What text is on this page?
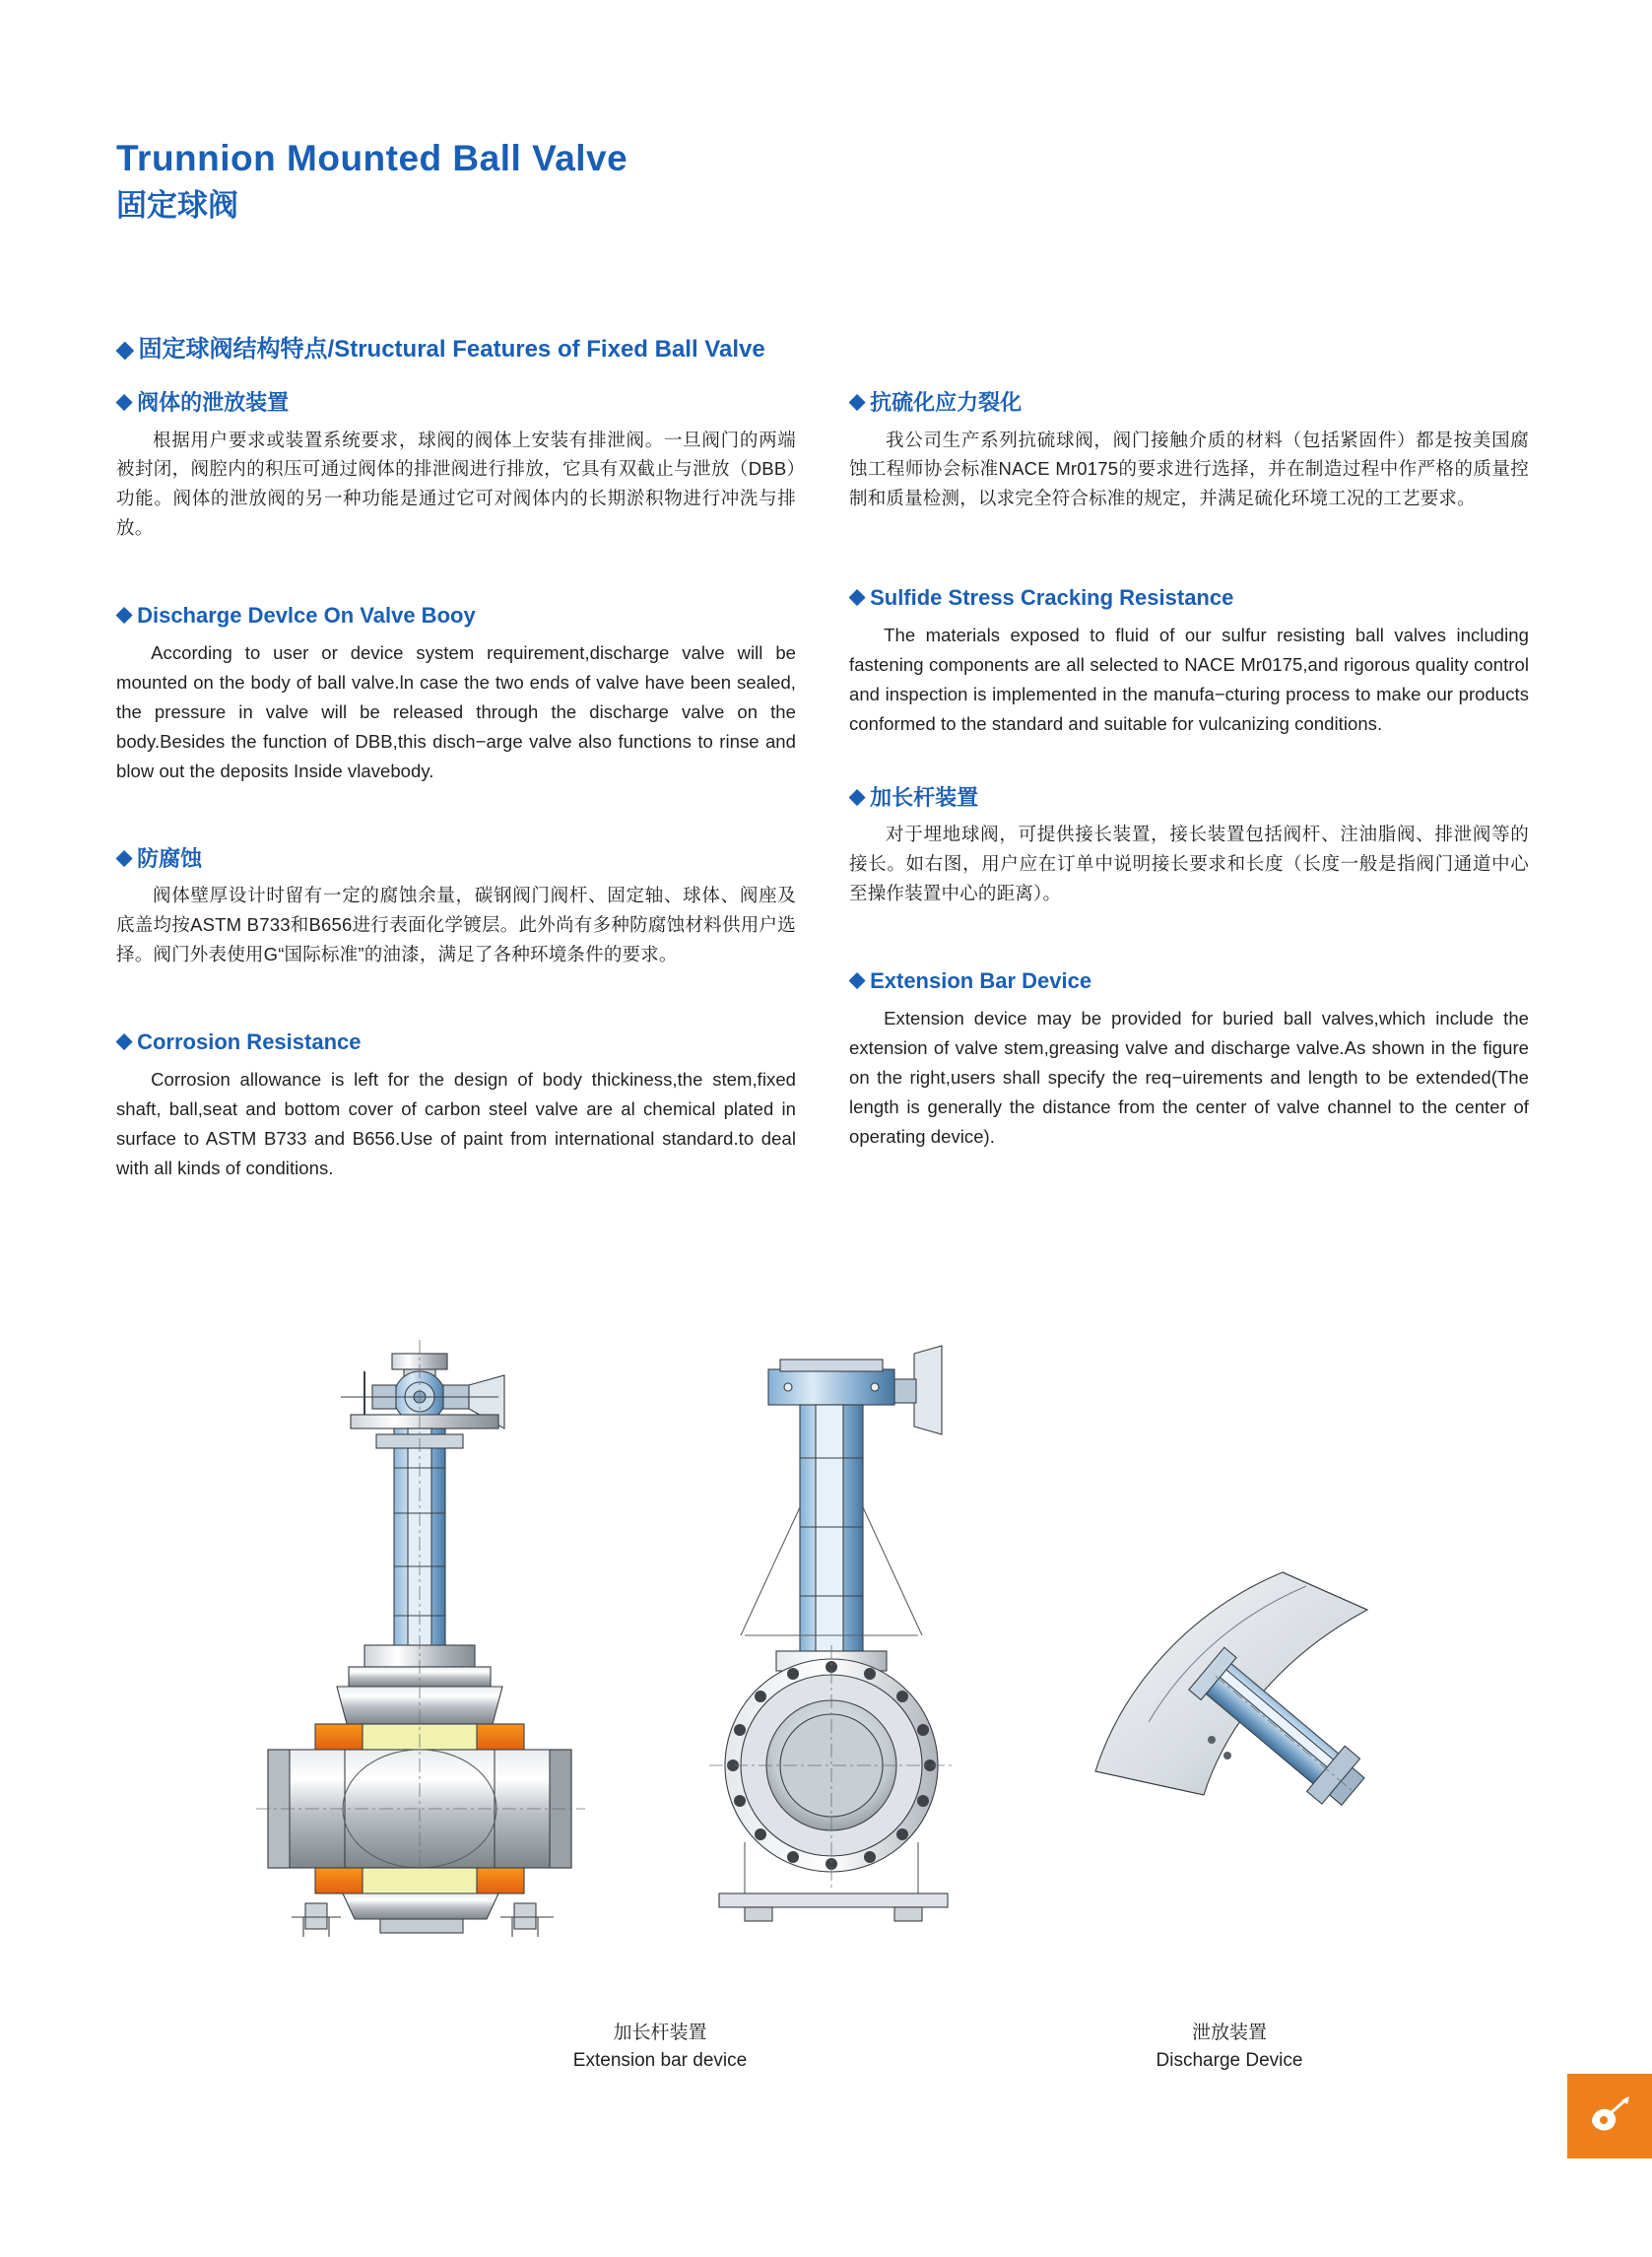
Trunnion Mounted Ball Valve
固定球阀
◆ 固定球阀结构特点/Structural Features of Fixed Ball Valve
◆ 阀体的泄放装置

根据用户要求或装置系统要求，球阀的阀体上安装有排泄阀。一旦阀门的两端被封闭，阀腔内的积压可通过阀体的排泄阀进行排放，它具有双截止与泄放（DBB）功能。阀体的泄放阀的另一种功能是通过它可对阀体内的长期淤积物进行冲洗与排放。

◆ Discharge Devlce On Valve Booy

According to user or device system requirement,discharge valve will be mounted on the body of ball valve.ln case the two ends of valve have been sealed, the pressure in valve will be released through the discharge valve on the body.Besides the function of DBB,this disch−arge valve also functions to rinse and blow out the deposits Inside vlavebody.

◆ 防腐蚀

阀体壁厚设计时留有一定的腐蚀余量，碳钢阀门阀杆、固定轴、球体、阀座及底盖均按ASTM B733和B656进行表面化学镀层。此外尚有多种防腐蚀材料供用户选择。阀门外表使用G“国际标准”的油漆，满足了各种环境条件的要求。

◆ Corrosion Resistance

Corrosion allowance is left for the design of body thickiness,the stem,fixed shaft, ball,seat and bottom cover of carbon steel valve are al chemical plated in surface to ASTM B733 and B656.Use of paint from international standard.to deal with all kinds of conditions.

◆ 抗硫化应力裂化

我公司生产系列抗硫球阀，阀门接触介质的材料（包括紧固件）都是按美国腐蚀工程师协会标准NACE Mr0175的要求进行选择，并在制造过程中作严格的质量控制和质量检测，以求完全符合标准的规定，并满足硫化环境工况的工艺要求。

◆ Sulfide Stress Cracking Resistance

The materials exposed to fluid of our sulfur resisting ball valves including fastening components are all selected to NACE Mr0175,and rigorous quality control and inspection is implemented in the manufa−cturing process to make our products conformed to the standard and suitable for vulcanizing conditions.

◆ 加长杆装置

对于埋地球阀，可提供接长装置，接长装置包括阀杆、注油脂阀、排泄阀等的接长。如右图，用户应在订单中说明接长要求和长度（长度一般是指阀门通道中心至操作装置中心的距离）。

◆ Extension Bar Device

Extension device may be provided for buried ball valves,which include the extension of valve stem,greasing valve and discharge valve.As shown in the figure on the right,users shall specify the req−uirements and length to be extended(The length is generally the distance from the center of valve channel to the center of operating device).

加长杆装置
Extension bar device
泄放装置
Discharge Device
